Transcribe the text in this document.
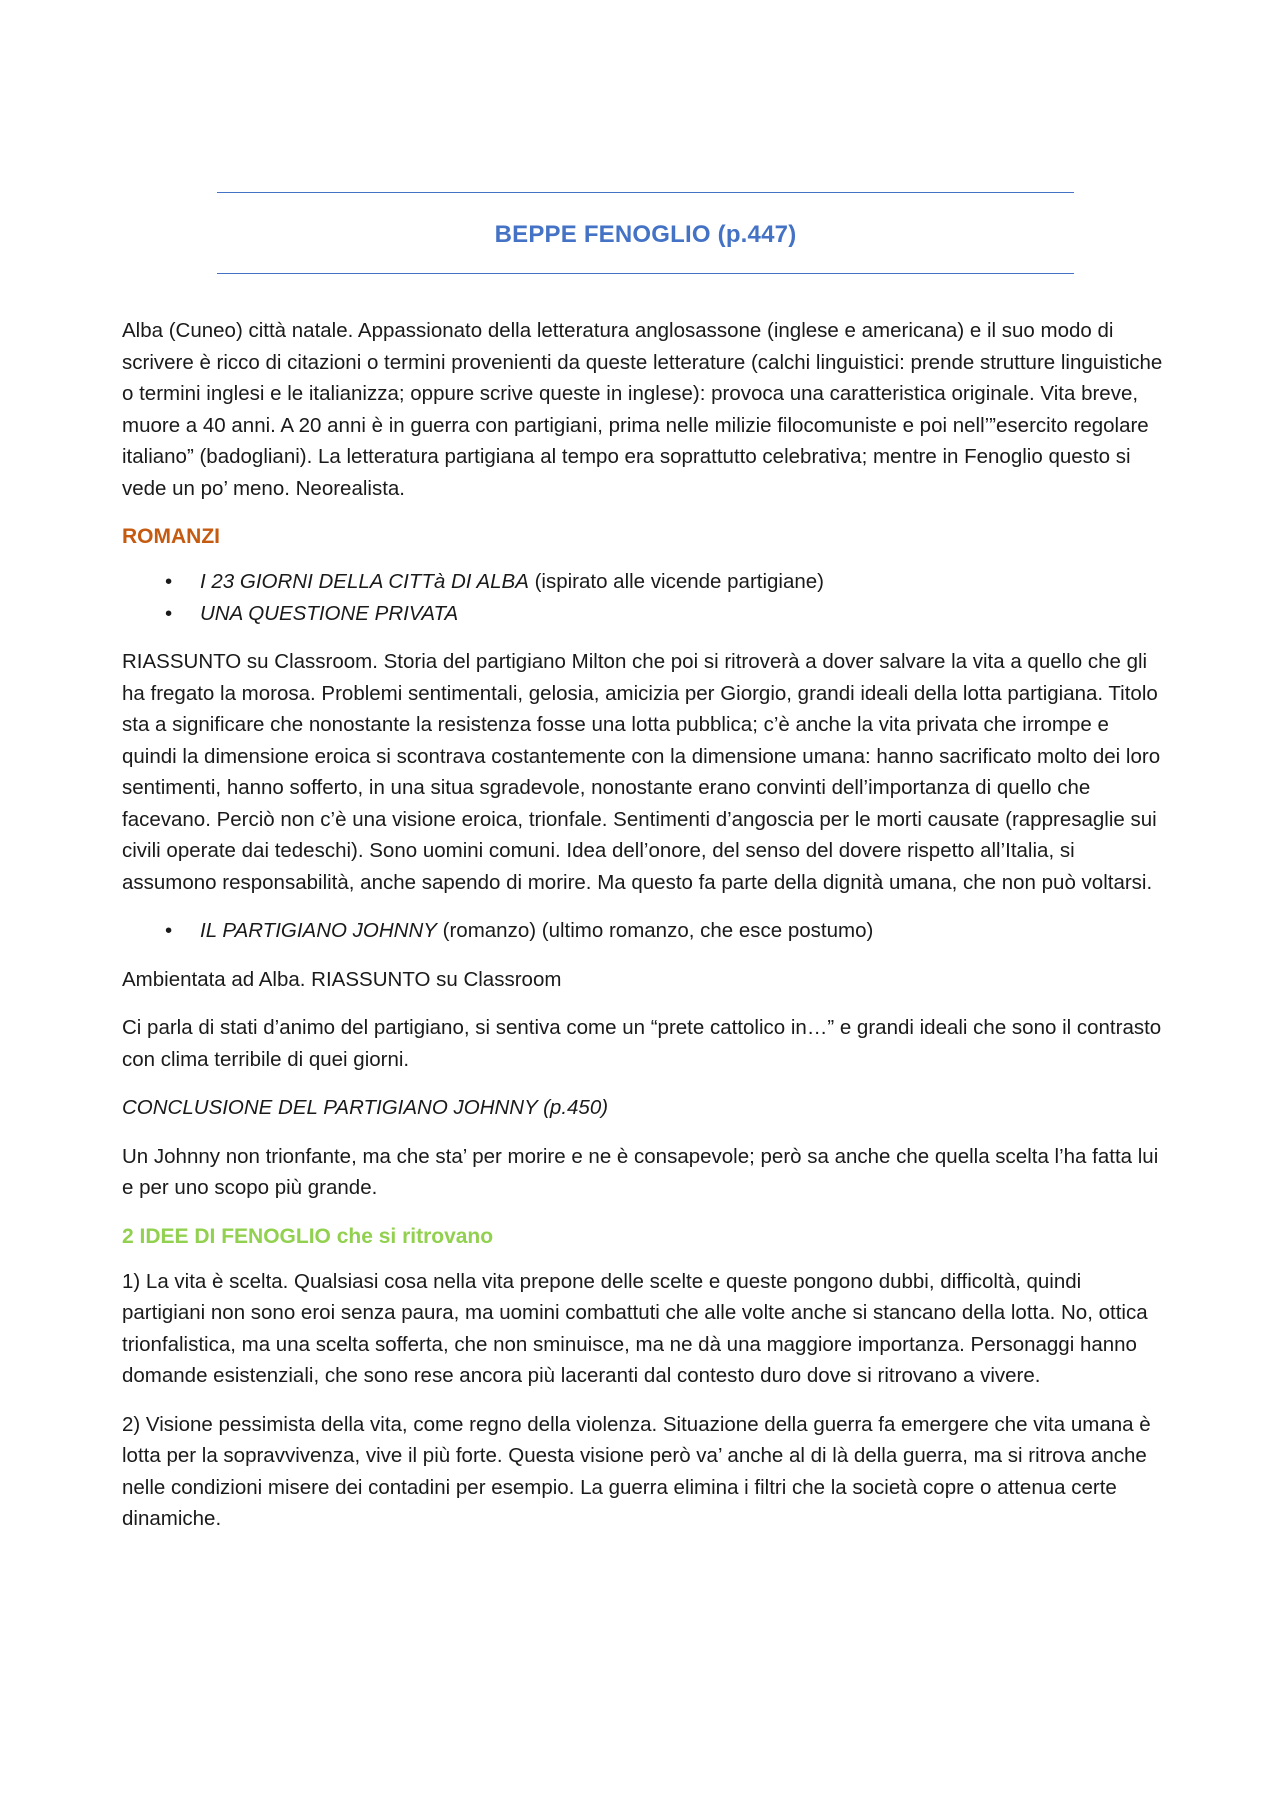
BEPPE FENOGLIO (p.447)

Alba (Cuneo) città natale. Appassionato della letteratura anglosassone (inglese e americana) e il suo modo di scrivere è ricco di citazioni o termini provenienti da queste letterature (calchi linguistici: prende strutture linguistiche o termini inglesi e le italianizza; oppure scrive queste in inglese): provoca una caratteristica originale. Vita breve, muore a 40 anni. A 20 anni è in guerra con partigiani, prima nelle milizie filocomuniste e poi nell’”esercito regolare italiano” (badogliani). La letteratura partigiana al tempo era soprattutto celebrativa; mentre in Fenoglio questo si vede un po’ meno. Neorealista.

ROMANZI
• I 23 GIORNI DELLA CITTà DI ALBA (ispirato alle vicende partigiane)
• UNA QUESTIONE PRIVATA

RIASSUNTO su Classroom. Storia del partigiano Milton che poi si ritroverà a dover salvare la vita a quello che gli ha fregato la morosa. Problemi sentimentali, gelosia, amicizia per Giorgio, grandi ideali della lotta partigiana. Titolo sta a significare che nonostante la resistenza fosse una lotta pubblica; c’è anche la vita privata che irrompe e quindi la dimensione eroica si scontrava costantemente con la dimensione umana: hanno sacrificato molto dei loro sentimenti, hanno sofferto, in una situa sgradevole, nonostante erano convinti dell’importanza di quello che facevano. Perciò non c’è una visione eroica, trionfale. Sentimenti d’angoscia per le morti causate (rappresaglie sui civili operate dai tedeschi). Sono uomini comuni. Idea dell’onore, del senso del dovere rispetto all’Italia, si assumono responsabilità, anche sapendo di morire. Ma questo fa parte della dignità umana, che non può voltarsi.

• IL PARTIGIANO JOHNNY (romanzo) (ultimo romanzo, che esce postumo)

Ambientata ad Alba. RIASSUNTO su Classroom

Ci parla di stati d’animo del partigiano, si sentiva come un “prete cattolico in…” e grandi ideali che sono il contrasto con clima terribile di quei giorni.

CONCLUSIONE DEL PARTIGIANO JOHNNY (p.450)

Un Johnny non trionfante, ma che sta’ per morire e ne è consapevole; però sa anche che quella scelta l’ha fatta lui e per uno scopo più grande.

2 IDEE DI FENOGLIO che si ritrovano

1) La vita è scelta. Qualsiasi cosa nella vita prepone delle scelte e queste pongono dubbi, difficoltà, quindi partigiani non sono eroi senza paura, ma uomini combattuti che alle volte anche si stancano della lotta. No, ottica trionfalistica, ma una scelta sofferta, che non sminuisce, ma ne dà una maggiore importanza. Personaggi hanno domande esistenziali, che sono rese ancora più laceranti dal contesto duro dove si ritrovano a vivere.

2) Visione pessimista della vita, come regno della violenza. Situazione della guerra fa emergere che vita umana è lotta per la sopravvivenza, vive il più forte. Questa visione però va’ anche al di là della guerra, ma si ritrova anche nelle condizioni misere dei contadini per esempio. La guerra elimina i filtri che la società copre o attenua certe dinamiche.
